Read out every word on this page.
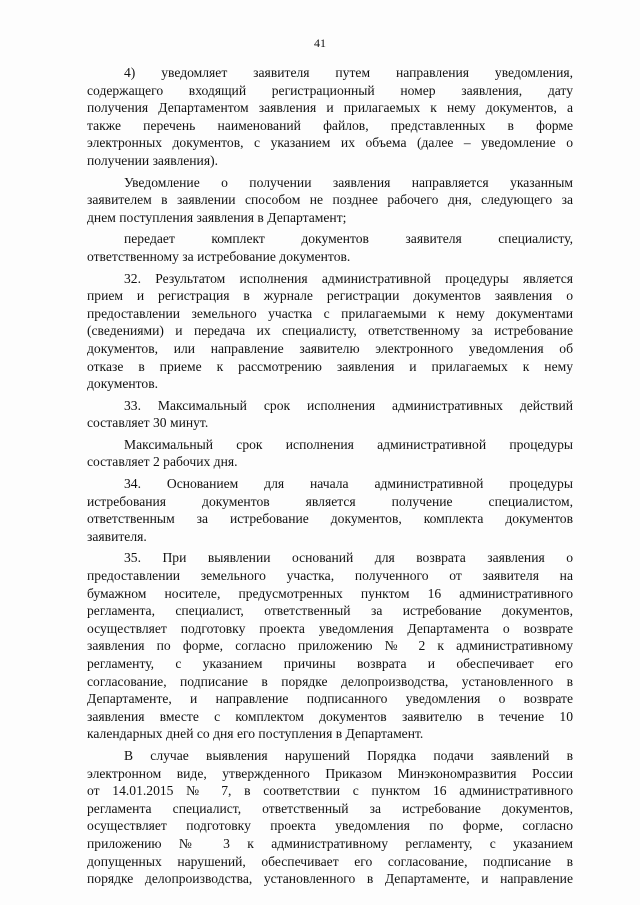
41
4) уведомляет заявителя путем направления уведомления,
содержащего входящий регистрационный номер заявления, дату
получения Департаментом заявления и прилагаемых к нему документов, а
также перечень наименований файлов, представленных в форме
электронных документов, с указанием их объема (далее – уведомление о
получении заявления).
Уведомление о получении заявления направляется указанным
заявителем в заявлении способом не позднее рабочего дня, следующего за
днем поступления заявления в Департамент;
передает комплект документов заявителя специалисту,
ответственному за истребование документов.
32. Результатом исполнения административной процедуры является
прием и регистрация в журнале регистрации документов заявления о
предоставлении земельного участка с прилагаемыми к нему документами
(сведениями) и передача их специалисту, ответственному за истребование
документов, или направление заявителю электронного уведомления об
отказе в приеме к рассмотрению заявления и прилагаемых к нему
документов.
33. Максимальный срок исполнения административных действий
составляет 30 минут.
Максимальный срок исполнения административной процедуры
составляет 2 рабочих дня.
34. Основанием для начала административной процедуры
истребования документов является получение специалистом,
ответственным за истребование документов, комплекта документов
заявителя.
35. При выявлении оснований для возврата заявления о
предоставлении земельного участка, полученного от заявителя на
бумажном носителе, предусмотренных пунктом 16 административного
регламента, специалист, ответственный за истребование документов,
осуществляет подготовку проекта уведомления Департамента о возврате
заявления по форме, согласно приложению № 2 к административному
регламенту, с указанием причины возврата и обеспечивает его
согласование, подписание в порядке делопроизводства, установленного в
Департаменте, и направление подписанного уведомления о возврате
заявления вместе с комплектом документов заявителю в течение 10
календарных дней со дня его поступления в Департамент.
В случае выявления нарушений Порядка подачи заявлений в
электронном виде, утвержденного Приказом Минэкономразвития России
от 14.01.2015 № 7, в соответствии с пунктом 16 административного
регламента специалист, ответственный за истребование документов,
осуществляет подготовку проекта уведомления по форме, согласно
приложению № 3 к административному регламенту, с указанием
допущенных нарушений, обеспечивает его согласование, подписание в
порядке делопроизводства, установленного в Департаменте, и направление
